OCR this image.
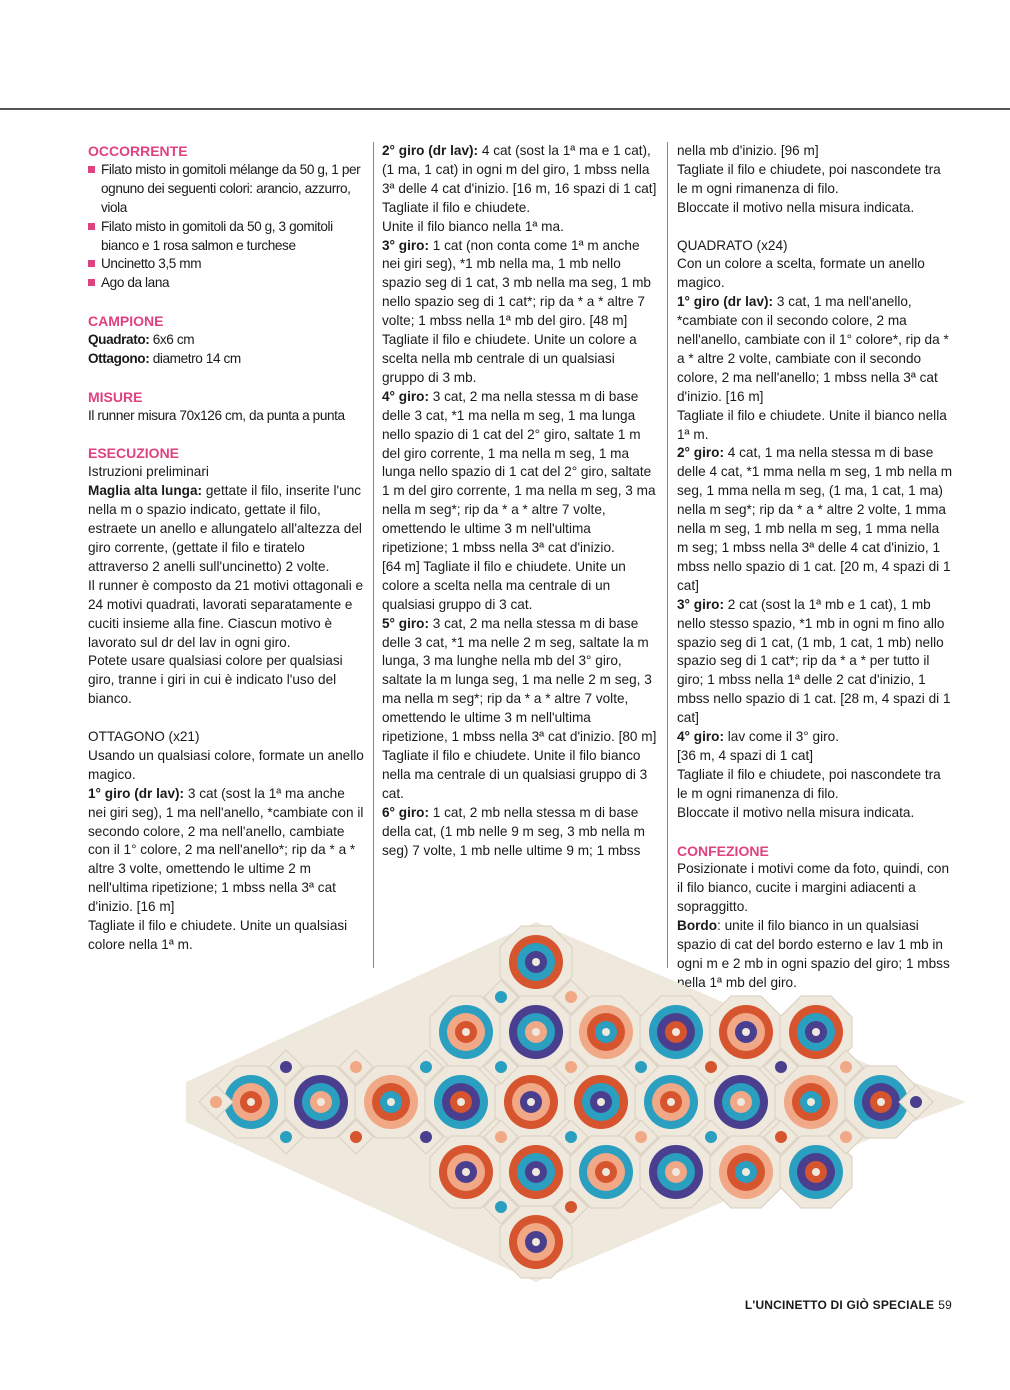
OCCORRENTE

Filato misto in gomitoli mélange da 50 g, 1 per ognuno dei seguenti colori: arancio, azzurro, viola
Filato misto in gomitoli da 50 g, 3 gomitoli bianco e 1 rosa salmon e turchese
Uncinetto 3,5 mm
Ago da lana

CAMPIONE

Quadrato: 6x6 cm

Ottagono: diametro 14 cm

MISURE

Il runner misura 70x126 cm, da punta a punta

ESECUZIONE

Istruzioni preliminari

Maglia alta lunga: gettate il filo, inserite l'unc nella m o spazio indicato, gettate il filo, estraete un anello e allungatelo all'altezza del giro corrente, (gettate il filo e tiratelo attraverso 2 anelli sull'uncinetto) 2 volte.

Il runner è composto da 21 motivi ottagonali e 24 motivi quadrati, lavorati separatamente e cuciti insieme alla fine. Ciascun motivo è lavorato sul dr del lav in ogni giro.

Potete usare qualsiasi colore per qualsiasi giro, tranne i giri in cui è indicato l'uso del bianco.

OTTAGONO (x21)

Usando un qualsiasi colore, formate un anello magico.

1° giro (dr lav): 3 cat (sost la 1ª ma anche nei giri seg), 1 ma nell'anello, *cambiate con il secondo colore, 2 ma nell'anello, cambiate con il 1° colore, 2 ma nell'anello*; rip da * a * altre 3 volte, omettendo le ultime 2 m nell'ultima ripetizione; 1 mbss nella 3ª cat d'inizio. [16 m]

Tagliate il filo e chiudete. Unite un qualsiasi colore nella 1ª m.

2° giro (dr lav): 4 cat (sost la 1ª ma e 1 cat), (1 ma, 1 cat) in ogni m del giro, 1 mbss nella 3ª delle 4 cat d'inizio. [16 m, 16 spazi di 1 cat]

Tagliate il filo e chiudete.

Unite il filo bianco nella 1ª ma.

3° giro: 1 cat (non conta come 1ª m anche nei giri seg), *1 mb nella ma, 1 mb nello spazio seg di 1 cat, 3 mb nella ma seg, 1 mb nello spazio seg di 1 cat*; rip da * a * altre 7 volte; 1 mbss nella 1ª mb del giro. [48 m]

Tagliate il filo e chiudete. Unite un colore a scelta nella mb centrale di un qualsiasi gruppo di 3 mb.

4° giro: 3 cat, 2 ma nella stessa m di base delle 3 cat, *1 ma nella m seg, 1 ma lunga nello spazio di 1 cat del 2° giro, saltate 1 m del giro corrente, 1 ma nella m seg, 1 ma lunga nello spazio di 1 cat del 2° giro, saltate 1 m del giro corrente, 1 ma nella m seg, 3 ma nella m seg*; rip da * a * altre 7 volte, omettendo le ultime 3 m nell'ultima ripetizione; 1 mbss nella 3ª cat d'inizio.

[64 m] Tagliate il filo e chiudete. Unite un colore a scelta nella ma centrale di un qualsiasi gruppo di 3 cat.

5° giro: 3 cat, 2 ma nella stessa m di base delle 3 cat, *1 ma nelle 2 m seg, saltate la m lunga, 3 ma lunghe nella mb del 3° giro, saltate la m lunga seg, 1 ma nelle 2 m seg, 3 ma nella m seg*; rip da * a * altre 7 volte, omettendo le ultime 3 m nell'ultima ripetizione, 1 mbss nella 3ª cat d'inizio. [80 m]

Tagliate il filo e chiudete. Unite il filo bianco nella ma centrale di un qualsiasi gruppo di 3 cat.

6° giro: 1 cat, 2 mb nella stessa m di base della cat, (1 mb nelle 9 m seg, 3 mb nella m seg) 7 volte, 1 mb nelle ultime 9 m; 1 mbss

nella mb d'inizio. [96 m]

Tagliate il filo e chiudete, poi nascondete tra le m ogni rimanenza di filo.

Bloccate il motivo nella misura indicata.

QUADRATO (x24)

Con un colore a scelta, formate un anello magico.

1° giro (dr lav): 3 cat, 1 ma nell'anello, *cambiate con il secondo colore, 2 ma nell'anello, cambiate con il 1° colore*, rip da * a * altre 2 volte, cambiate con il secondo colore, 2 ma nell'anello; 1 mbss nella 3ª cat d'inizio. [16 m]

Tagliate il filo e chiudete. Unite il bianco nella 1ª m.

2° giro: 4 cat, 1 ma nella stessa m di base delle 4 cat, *1 mma nella m seg, 1 mb nella m seg, 1 mma nella m seg, (1 ma, 1 cat, 1 ma) nella m seg*; rip da * a * altre 2 volte, 1 mma nella m seg, 1 mb nella m seg, 1 mma nella m seg; 1 mbss nella 3ª delle 4 cat d'inizio, 1 mbss nello spazio di 1 cat. [20 m, 4 spazi di 1 cat]

3° giro: 2 cat (sost la 1ª mb e 1 cat), 1 mb nello stesso spazio, *1 mb in ogni m fino allo spazio seg di 1 cat, (1 mb, 1 cat, 1 mb) nello spazio seg di 1 cat*; rip da * a * per tutto il giro; 1 mbss nella 1ª delle 2 cat d'inizio, 1 mbss nello spazio di 1 cat. [28 m, 4 spazi di 1 cat]

4° giro: lav come il 3° giro.

[36 m, 4 spazi di 1 cat]

Tagliate il filo e chiudete, poi nascondete tra le m ogni rimanenza di filo.

Bloccate il motivo nella misura indicata.

CONFEZIONE

Posizionate i motivi come da foto, quindi, con il filo bianco, cucite i margini adiacenti a sopraggitto.

Bordo: unite il filo bianco in un qualsiasi spazio di cat del bordo esterno e lav 1 mb in ogni m e 2 mb in ogni spazio del giro; 1 mbss nella 1ª mb del giro.

L'UNCINETTO DI GIÒ SPECIALE 59
